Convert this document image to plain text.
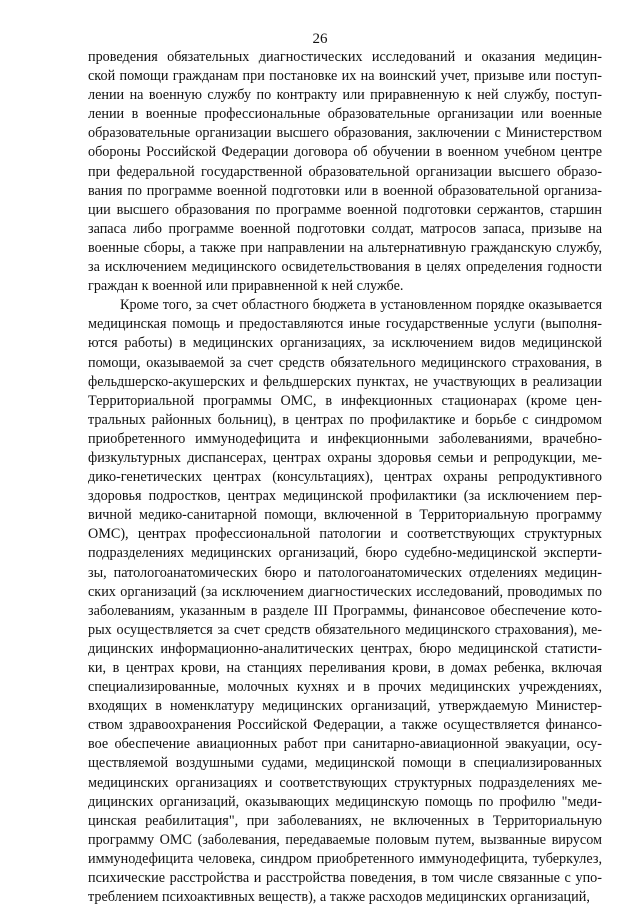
26
проведения обязательных диагностических исследований и оказания медицин-
ской помощи гражданам при постановке их на воинский учет, призыве или поступ-
лении на военную службу по контракту или приравненную к ней службу, поступ-
лении в военные профессиональные образовательные организации или военные
образовательные организации высшего образования, заключении с Министерством
обороны Российской Федерации договора об обучении в военном учебном центре
при федеральной государственной образовательной организации высшего образо-
вания по программе военной подготовки или в военной образовательной организа-
ции высшего образования по программе военной подготовки сержантов, старшин
запаса либо программе военной подготовки солдат, матросов запаса, призыве на
военные сборы, а также при направлении на альтернативную гражданскую службу,
за исключением медицинского освидетельствования в целях определения годности
граждан к военной или приравненной к ней службе.
Кроме того, за счет областного бюджета в установленном порядке оказывается
медицинская помощь и предоставляются иные государственные услуги (выполня-
ются работы) в медицинских организациях, за исключением видов медицинской
помощи, оказываемой за счет средств обязательного медицинского страхования, в
фельдшерско-акушерских и фельдшерских пунктах, не участвующих в реализации
Территориальной программы ОМС, в инфекционных стационарах (кроме цен-
тральных районных больниц), в центрах по профилактике и борьбе с синдромом
приобретенного иммунодефицита и инфекционными заболеваниями, врачебно-
физкультурных диспансерах, центрах охраны здоровья семьи и репродукции, ме-
дико-генетических центрах (консультациях), центрах охраны репродуктивного
здоровья подростков, центрах медицинской профилактики (за исключением пер-
вичной медико-санитарной помощи, включенной в Территориальную программу
ОМС), центрах профессиональной патологии и соответствующих структурных
подразделениях медицинских организаций, бюро судебно-медицинской эксперти-
зы, патологоанатомических бюро и патологоанатомических отделениях медицин-
ских организаций (за исключением диагностических исследований, проводимых по
заболеваниям, указанным в разделе III Программы, финансовое обеспечение кото-
рых осуществляется за счет средств обязательного медицинского страхования), ме-
дицинских информационно-аналитических центрах, бюро медицинской статисти-
ки, в центрах крови, на станциях переливания крови, в домах ребенка, включая
специализированные, молочных кухнях и в прочих медицинских учреждениях,
входящих в номенклатуру медицинских организаций, утверждаемую Министер-
ством здравоохранения Российской Федерации, а также осуществляется финансо-
вое обеспечение авиационных работ при санитарно-авиационной эвакуации, осу-
ществляемой воздушными судами, медицинской помощи в специализированных
медицинских организациях и соответствующих структурных подразделениях ме-
дицинских организаций, оказывающих медицинскую помощь по профилю "меди-
цинская реабилитация", при заболеваниях, не включенных в Территориальную
программу ОМС (заболевания, передаваемые половым путем, вызванные вирусом
иммунодефицита человека, синдром приобретенного иммунодефицита, туберкулез,
психические расстройства и расстройства поведения, в том числе связанные с упо-
треблением психоактивных веществ), а также расходов медицинских организаций,
